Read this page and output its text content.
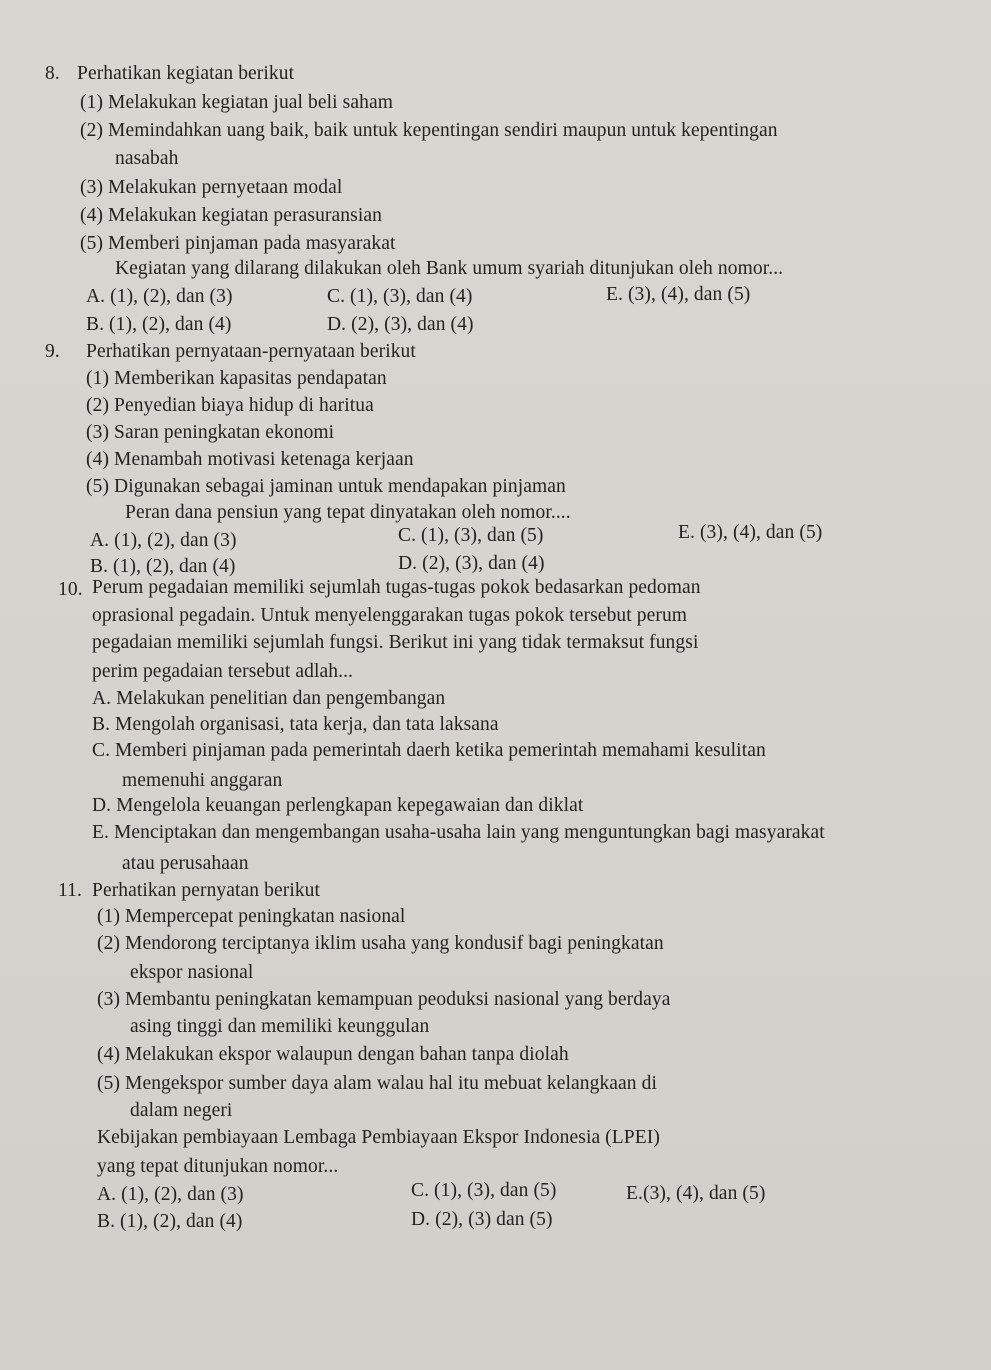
8. Perhatikan kegiatan berikut
(1) Melakukan kegiatan jual beli saham
(2) Memindahkan uang baik, baik untuk kepentingan sendiri maupun untuk kepentingan
nasabah
(3) Melakukan pernyetaan modal
(4) Melakukan kegiatan perasuransian
(5) Memberi pinjaman pada masyarakat
Kegiatan yang dilarang dilakukan oleh Bank umum syariah ditunjukan oleh nomor...
A. (1), (2), dan (3)	C. (1), (3), dan (4)	E. (3), (4), dan (5)
B. (1), (2), dan (4)	D. (2), (3), dan (4)
9. Perhatikan pernyataan-pernyataan berikut
(1) Memberikan kapasitas pendapatan
(2) Penyedian biaya hidup di haritua
(3) Saran peningkatan ekonomi
(4) Menambah motivasi ketenaga kerjaan
(5) Digunakan sebagai jaminan untuk mendapakan pinjaman
Peran dana pensiun yang tepat dinyatakan oleh nomor....
A. (1), (2), dan (3)	C. (1), (3), dan (5)	E. (3), (4), dan (5)
B. (1), (2), dan (4)	D. (2), (3), dan (4)
10. Perum pegadaian memiliki sejumlah tugas-tugas pokok bedasarkan pedoman
oprasional pegadain. Untuk menyelenggarakan tugas pokok tersebut perum
pegadaian memiliki sejumlah fungsi. Berikut ini yang tidak termaksut fungsi
perim pegadaian tersebut adlah...
A. Melakukan penelitian dan pengembangan
B. Mengolah organisasi, tata kerja, dan tata laksana
C. Memberi pinjaman pada pemerintah daerh ketika pemerintah memahami kesulitan
memenuhi anggaran
D. Mengelola keuangan perlengkapan kepegawaian dan diklat
E. Menciptakan dan mengembangan usaha-usaha lain yang menguntungkan bagi masyarakat
atau perusahaan
11. Perhatikan pernyatan berikut
(1) Mempercepat peningkatan nasional
(2) Mendorong terciptanya iklim usaha yang kondusif bagi peningkatan
ekspor nasional
(3) Membantu peningkatan kemampuan peoduksi nasional yang berdaya
asing tinggi dan memiliki keunggulan
(4) Melakukan ekspor walaupun dengan bahan tanpa diolah
(5) Mengekspor sumber daya alam walau hal itu mebuat kelangkaan di
dalam negeri
Kebijakan pembiayaan Lembaga Pembiayaan Ekspor Indonesia (LPEI)
yang tepat ditunjukan nomor...
A. (1), (2), dan (3)	C. (1), (3), dan (5)	E.(3), (4), dan (5)
B. (1), (2), dan (4)	D. (2), (3) dan (5)
